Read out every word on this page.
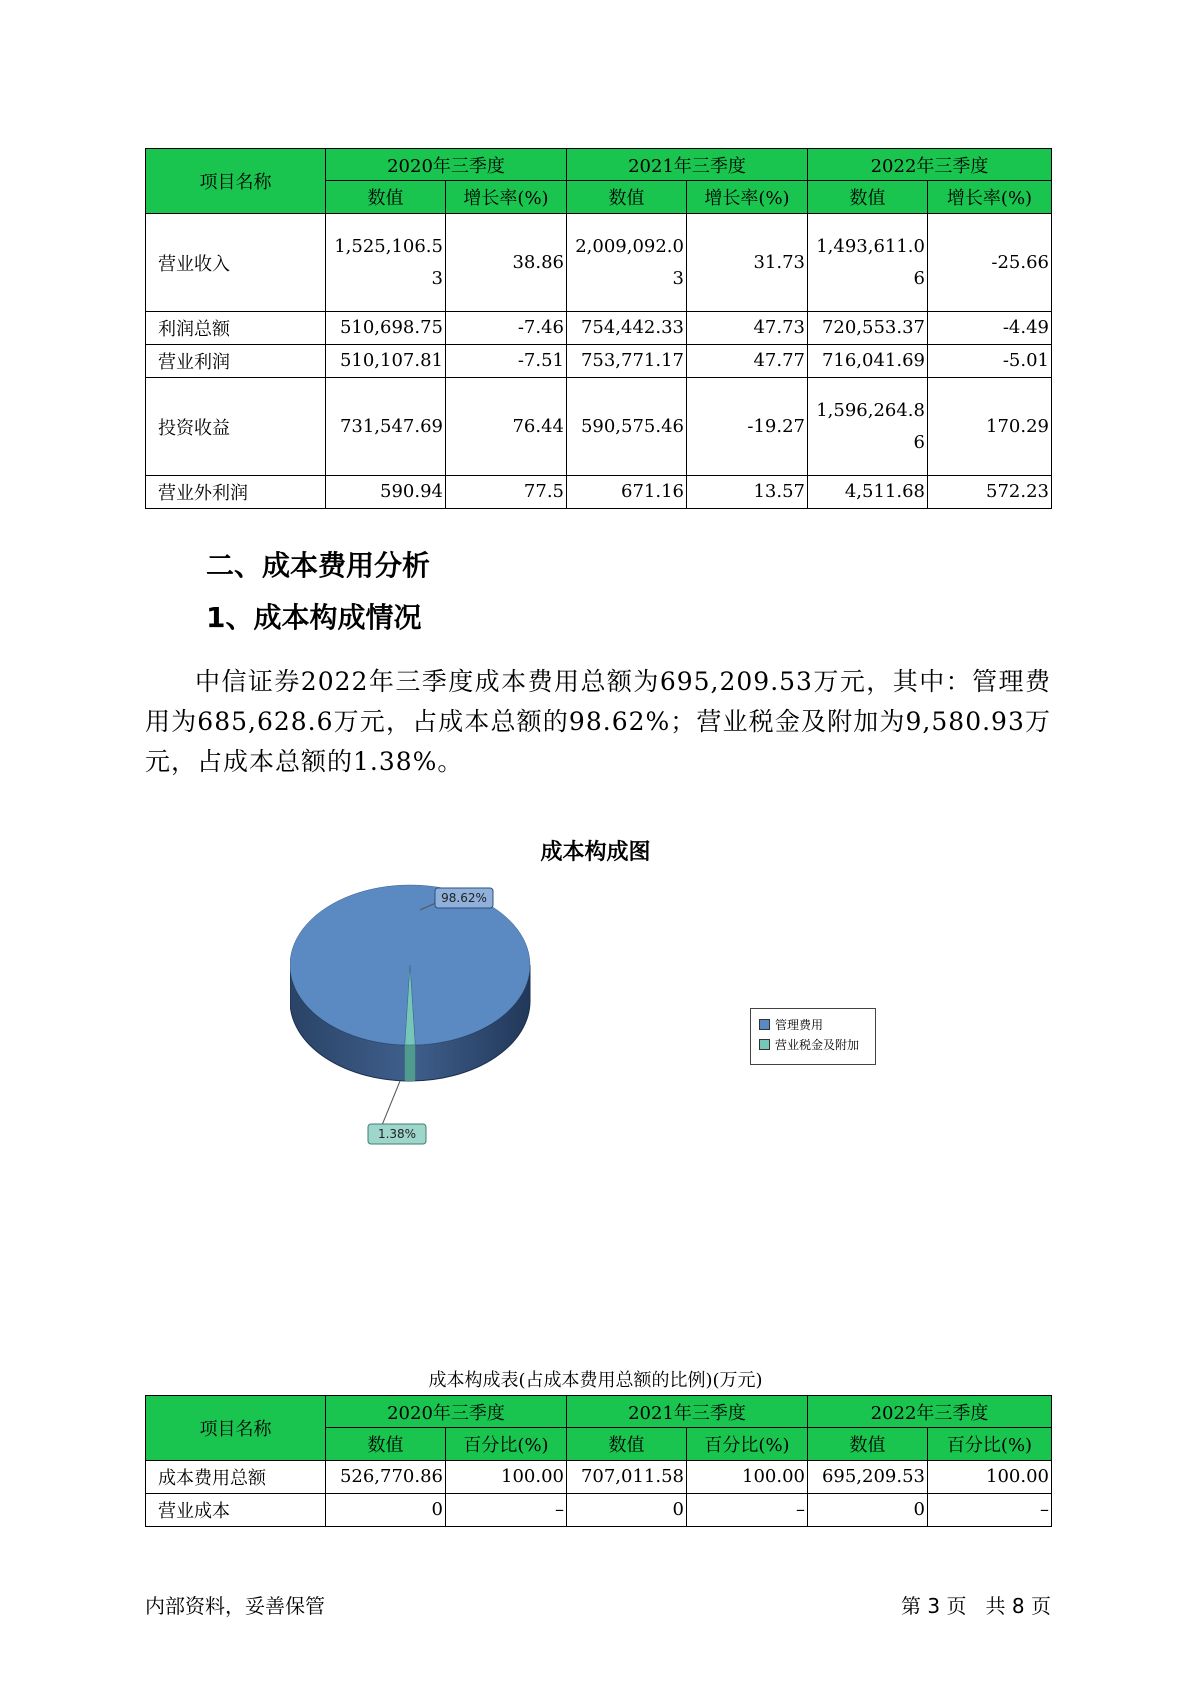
项目名称	2020年三季度		2021年三季度		2022年三季度	
	数值	增长率(%)	数值	增长率(%)	数值	增长率(%)
营业收入	1,525,106.53	38.86	2,009,092.03	31.73	1,493,611.06	-25.66
利润总额	510,698.75	-7.46	754,442.33	47.73	720,553.37	-4.49
营业利润	510,107.81	-7.51	753,771.17	47.77	716,041.69	-5.01
投资收益	731,547.69	76.44	590,575.46	-19.27	1,596,264.86	170.29
营业外利润	590.94	77.5	671.16	13.57	4,511.68	572.23
二、成本费用分析
1、成本构成情况
中信证券2022年三季度成本费用总额为695,209.53万元，其中：管理费用为685,628.6万元，占成本总额的98.62%；营业税金及附加为9,580.93万元，占成本总额的1.38%。
成本构成图
98.62%
1.38%
管理费用
营业税金及附加
成本构成表(占成本费用总额的比例)(万元)
项目名称	2020年三季度		2021年三季度		2022年三季度	
	数值	百分比(%)	数值	百分比(%)	数值	百分比(%)
成本费用总额	526,770.86	100.00	707,011.58	100.00	695,209.53	100.00
营业成本	0	–	0	–	0	–
内部资料，妥善保管	第 3 页   共 8 页
